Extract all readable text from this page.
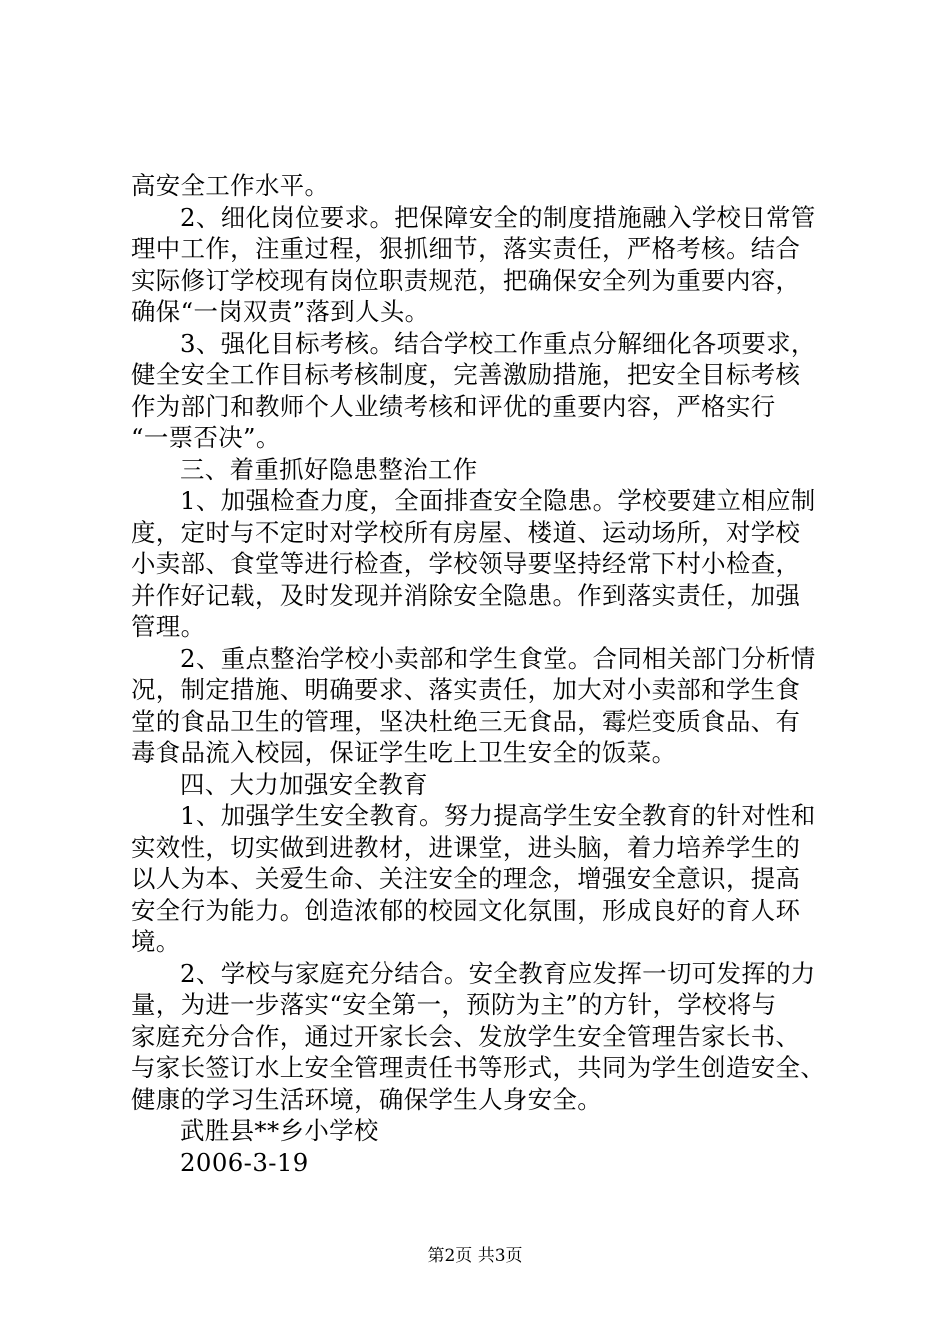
高安全工作水平。
2、细化岗位要求。把保障安全的制度措施融入学校日常管
理中工作，注重过程，狠抓细节，落实责任，严格考核。结合
实际修订学校现有岗位职责规范，把确保安全列为重要内容，
确保“一岗双责”落到人头。
3、强化目标考核。结合学校工作重点分解细化各项要求，
健全安全工作目标考核制度，完善激励措施，把安全目标考核
作为部门和教师个人业绩考核和评优的重要内容，严格实行
“一票否决”。
三、着重抓好隐患整治工作
1、加强检查力度，全面排查安全隐患。学校要建立相应制
度，定时与不定时对学校所有房屋、楼道、运动场所，对学校
小卖部、食堂等进行检查，学校领导要坚持经常下村小检查，
并作好记载，及时发现并消除安全隐患。作到落实责任，加强
管理。
2、重点整治学校小卖部和学生食堂。合同相关部门分析情
况，制定措施、明确要求、落实责任，加大对小卖部和学生食
堂的食品卫生的管理，坚决杜绝三无食品，霉烂变质食品、有
毒食品流入校园，保证学生吃上卫生安全的饭菜。
四、大力加强安全教育
1、加强学生安全教育。努力提高学生安全教育的针对性和
实效性，切实做到进教材，进课堂，进头脑，着力培养学生的
以人为本、关爱生命、关注安全的理念，增强安全意识，提高
安全行为能力。创造浓郁的校园文化氛围，形成良好的育人环
境。
2、学校与家庭充分结合。安全教育应发挥一切可发挥的力
量，为进一步落实“安全第一，预防为主”的方针，学校将与
家庭充分合作，通过开家长会、发放学生安全管理告家长书、
与家长签订水上安全管理责任书等形式，共同为学生创造安全、
健康的学习生活环境，确保学生人身安全。
武胜县**乡小学校
2006-3-19
第2页 共3页
